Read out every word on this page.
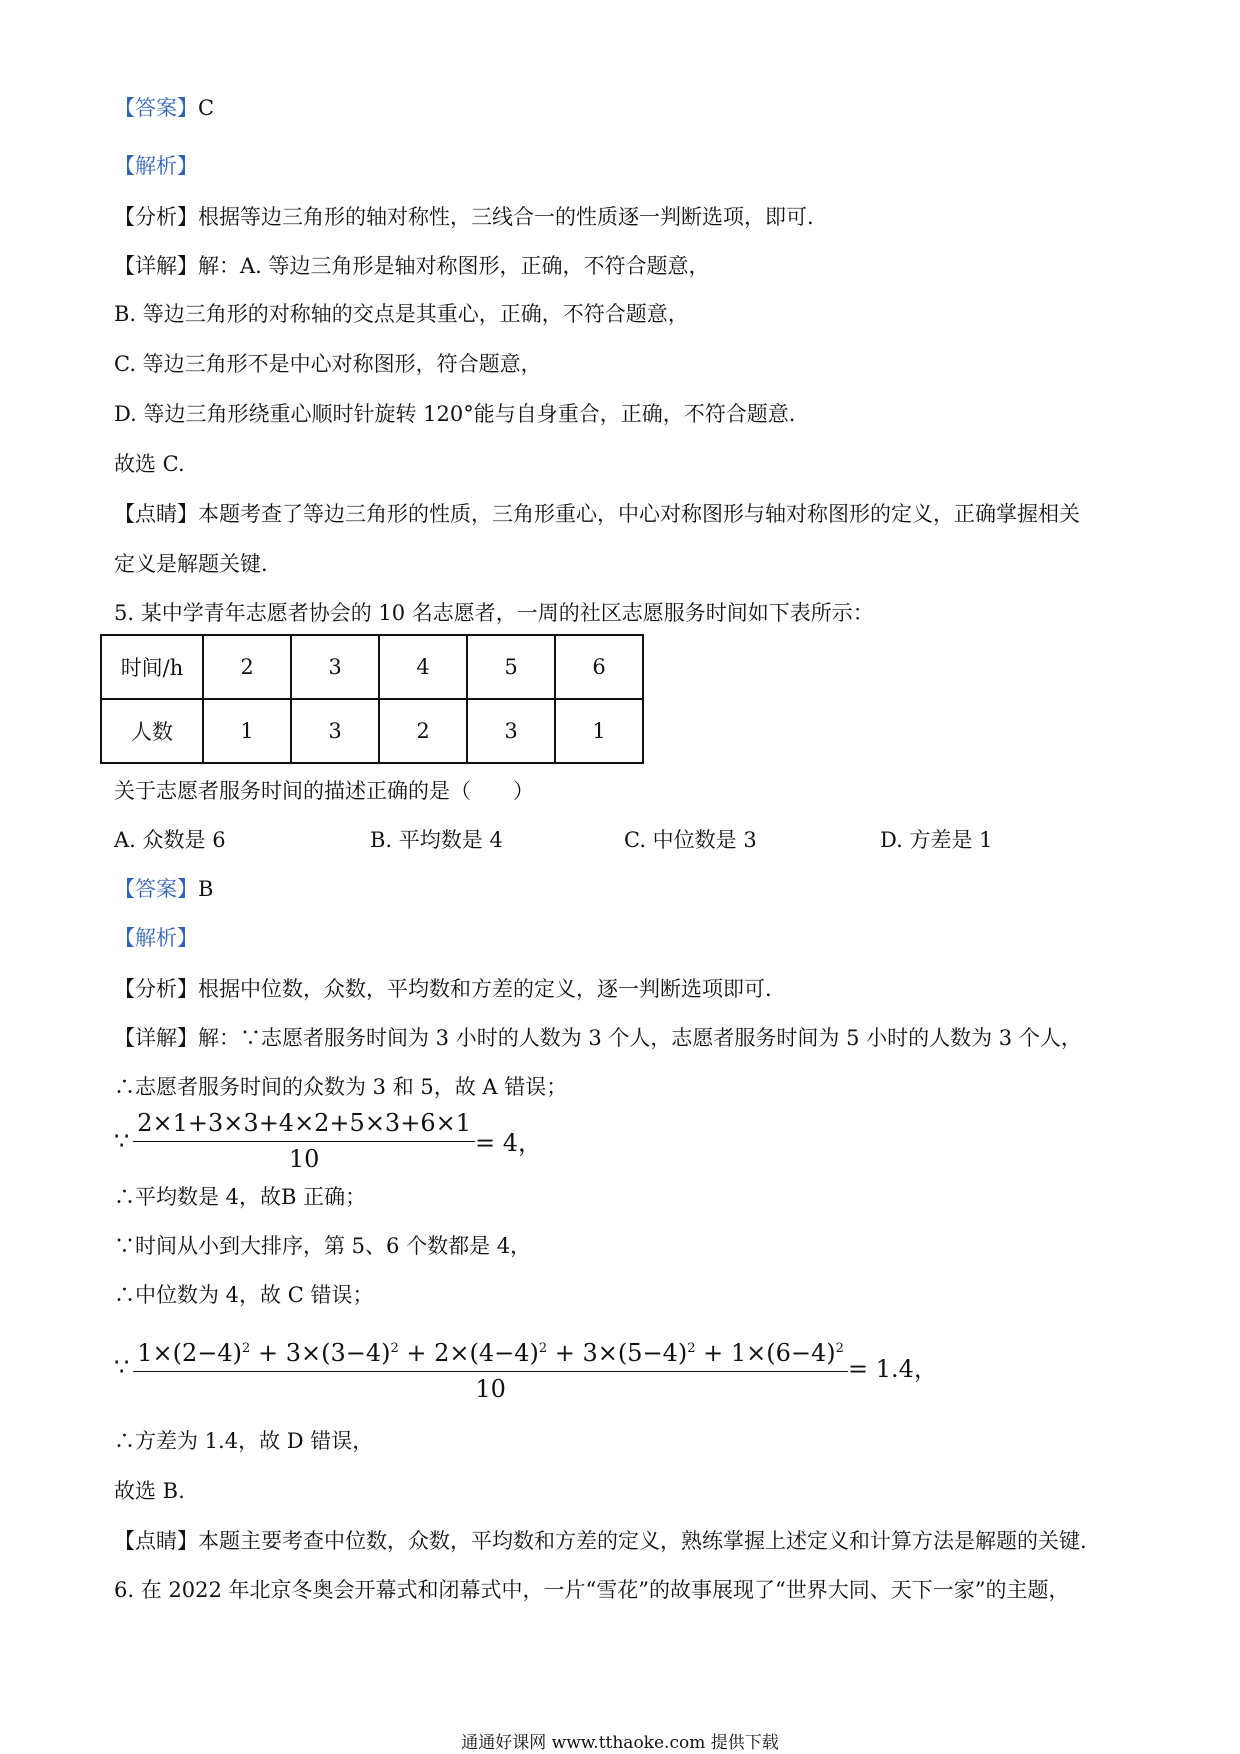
【答案】C
【解析】
【分析】根据等边三角形的轴对称性，三线合一的性质逐一判断选项，即可.
【详解】解：A. 等边三角形是轴对称图形，正确，不符合题意，
B. 等边三角形的对称轴的交点是其重心，正确，不符合题意，
C. 等边三角形不是中心对称图形，符合题意，
D. 等边三角形绕重心顺时针旋转 120°能与自身重合，正确，不符合题意.
故选 C.
【点睛】本题考查了等边三角形的性质，三角形重心，中心对称图形与轴对称图形的定义，正确掌握相关
定义是解题关键.
5. 某中学青年志愿者协会的 10 名志愿者，一周的社区志愿服务时间如下表所示：
时间/h	2	3	4	5	6
人数	1	3	2	3	1
关于志愿者服务时间的描述正确的是（　　）
A. 众数是 6	B. 平均数是 4	C. 中位数是 3	D. 方差是 1
【答案】B
【解析】
【分析】根据中位数，众数，平均数和方差的定义，逐一判断选项即可.
【详解】解：∵志愿者服务时间为 3 小时的人数为 3 个人，志愿者服务时间为 5 小时的人数为 3 个人，
∴志愿者服务时间的众数为 3 和 5，故 A 错误；
∵ $\frac{2\times 1+3\times 3+4\times 2+5\times 3+6\times 1}{10} = 4$，
∴平均数是 4，故B 正确；
∵时间从小到大排序，第 5、6 个数都是 4，
∴中位数为 4，故 C 错误；
∵ $\frac{1\times(2-4)^2 + 3\times(3-4)^2 + 2\times(4-4)^2 + 3\times(5-4)^2 + 1\times(6-4)^2}{10} = 1.4$，
∴方差为 1.4，故 D 错误，
故选 B.
【点睛】本题主要考查中位数，众数，平均数和方差的定义，熟练掌握上述定义和计算方法是解题的关键.
6. 在 2022 年北京冬奥会开幕式和闭幕式中，一片“雪花”的故事展现了“世界大同、天下一家”的主题，
通通好课网 www.tthaoke.com 提供下载
